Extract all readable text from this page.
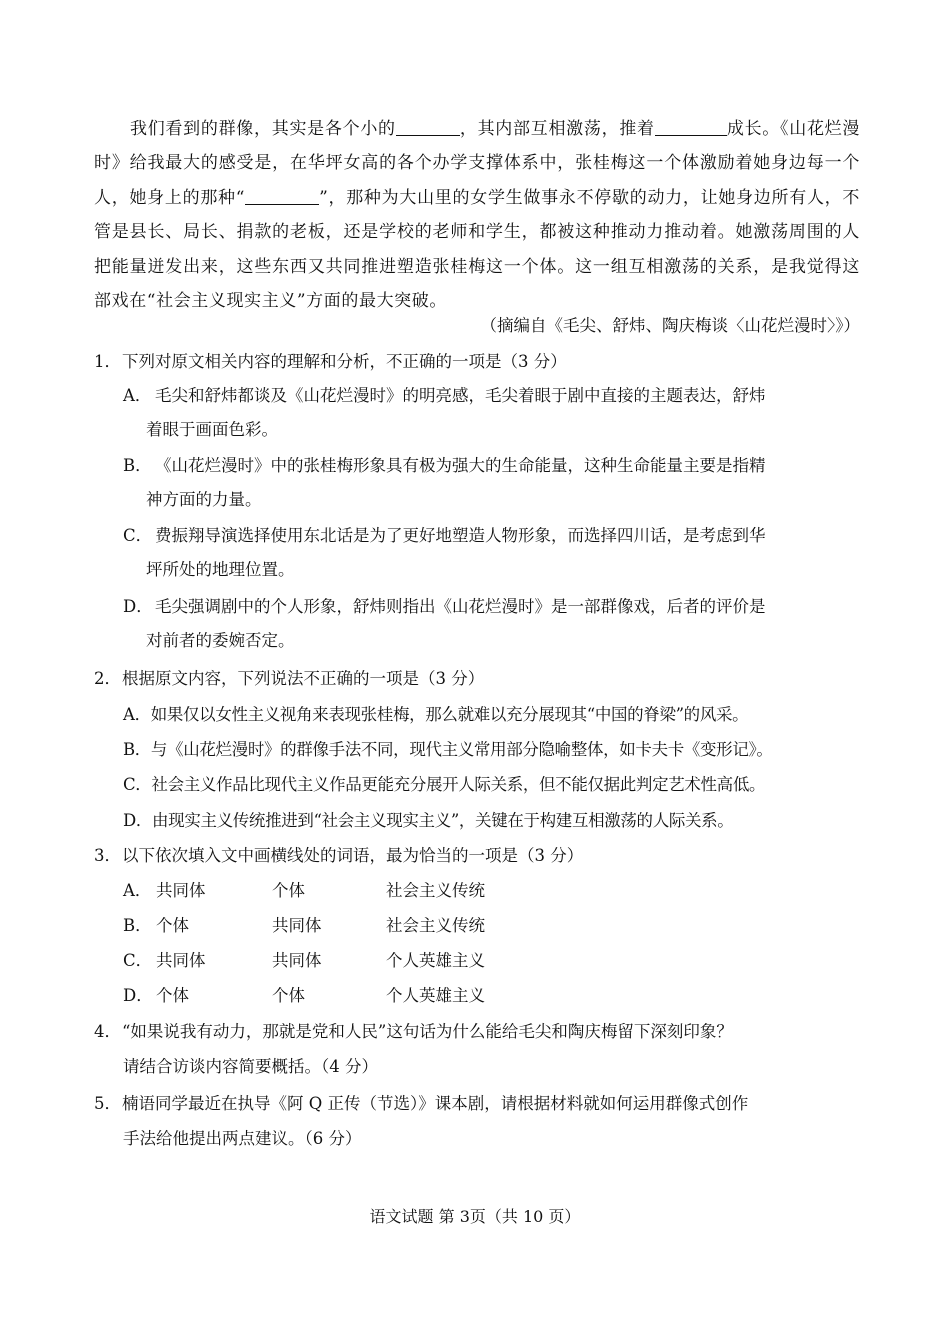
我们看到的群像，其实是各个小的	，其内部互相激荡，推着	成长。《山花烂漫时》给我最大的感受是，在华坪女高的各个办学支撑体系中，张桂梅这一个体激励着她身边每一个人，她身上的那种“	”，那种为大山里的女学生做事永不停歇的动力，让她身边所有人，不管是县长、局长、捐款的老板，还是学校的老师和学生，都被这种推动力推动着。她激荡周围的人把能量迸发出来，这些东西又共同推进塑造张桂梅这一个体。这一组互相激荡的关系，是我觉得这部戏在“社会主义现实主义”方面的最大突破。
（摘编自《毛尖、舒炜、陶庆梅谈〈山花烂漫时〉》）
1．下列对原文相关内容的理解和分析，不正确的一项是（3 分）
A． 毛尖和舒炜都谈及《山花烂漫时》的明亮感，毛尖着眼于剧中直接的主题表达，舒炜
着眼于画面色彩。
B． 《山花烂漫时》中的张桂梅形象具有极为强大的生命能量，这种生命能量主要是指精
神方面的力量。
C． 费振翔导演选择使用东北话是为了更好地塑造人物形象，而选择四川话，是考虑到华
坪所处的地理位置。
D． 毛尖强调剧中的个人形象，舒炜则指出《山花烂漫时》是一部群像戏，后者的评价是
对前者的委婉否定。
2．根据原文内容，下列说法不正确的一项是（3 分）
A．如果仅以女性主义视角来表现张桂梅，那么就难以充分展现其“中国的脊梁”的风采。
B．与《山花烂漫时》的群像手法不同，现代主义常用部分隐喻整体，如卡夫卡《变形记》。
C．社会主义作品比现代主义作品更能充分展开人际关系，但不能仅据此判定艺术性高低。
D．由现实主义传统推进到“社会主义现实主义”，关键在于构建互相激荡的人际关系。
3．以下依次填入文中画横线处的词语，最为恰当的一项是（3 分）
A． 共同体	个体	社会主义传统
B． 个体	共同体	社会主义传统
C． 共同体	共同体	个人英雄主义
D． 个体	个体	个人英雄主义
4．“如果说我有动力，那就是党和人民”这句话为什么能给毛尖和陶庆梅留下深刻印象？
请结合访谈内容简要概括。（4 分）
5．楠语同学最近在执导《阿 Q 正传（节选）》课本剧，请根据材料就如何运用群像式创作
手法给他提出两点建议。（6 分）
语文试题 第 3页（共 10 页）
